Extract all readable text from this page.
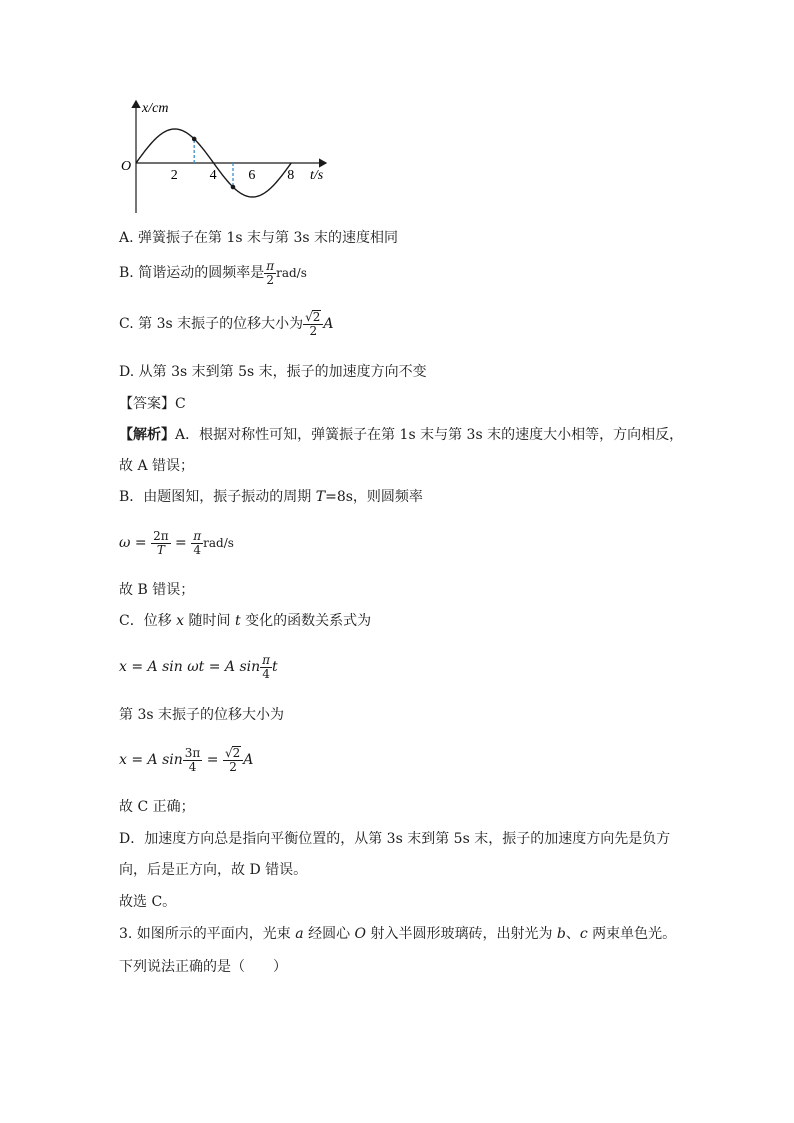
x/cm
O
t/s
2 4 6 8
A. 弹簧振子在第 1s 末与第 3s 末的速度相同
B. 简谐运动的圆频率是 $\frac{\pi}{2} rad/s$
C. 第 3s 末振子的位移大小为 $\frac{√2}{2}$ A
D. 从第 3s 末到第 5s 末，振子的加速度方向不变
【答案】C
【解析】A．根据对称性可知，弹簧振子在第 1s 末与第 3s 末的速度大小相等，方向相反，
故 A 错误；
B．由题图知，振子振动的周期 T=8s，则圆频率
$\omega = \frac{2\pi}{T} = \frac{\pi}{4} rad/s$
故 B 错误；
C．位移 x 随时间 t 变化的函数关系式为
x = A sin ωt = A $\sin \frac{\pi}{4}$ t
第 3s 末振子的位移大小为
x = A $\sin \frac{3\pi}{4} = \frac{√2}{2}$ A
故 C 正确；
D．加速度方向总是指向平衡位置的，从第 3s 末到第 5s 末，振子的加速度方向先是负方
向，后是正方向，故 D 错误。
故选 C。
3. 如图所示的平面内，光束 a 经圆心 O 射入半圆形玻璃砖，出射光为 b、c 两束单色光。
下列说法正确的是（　　）
